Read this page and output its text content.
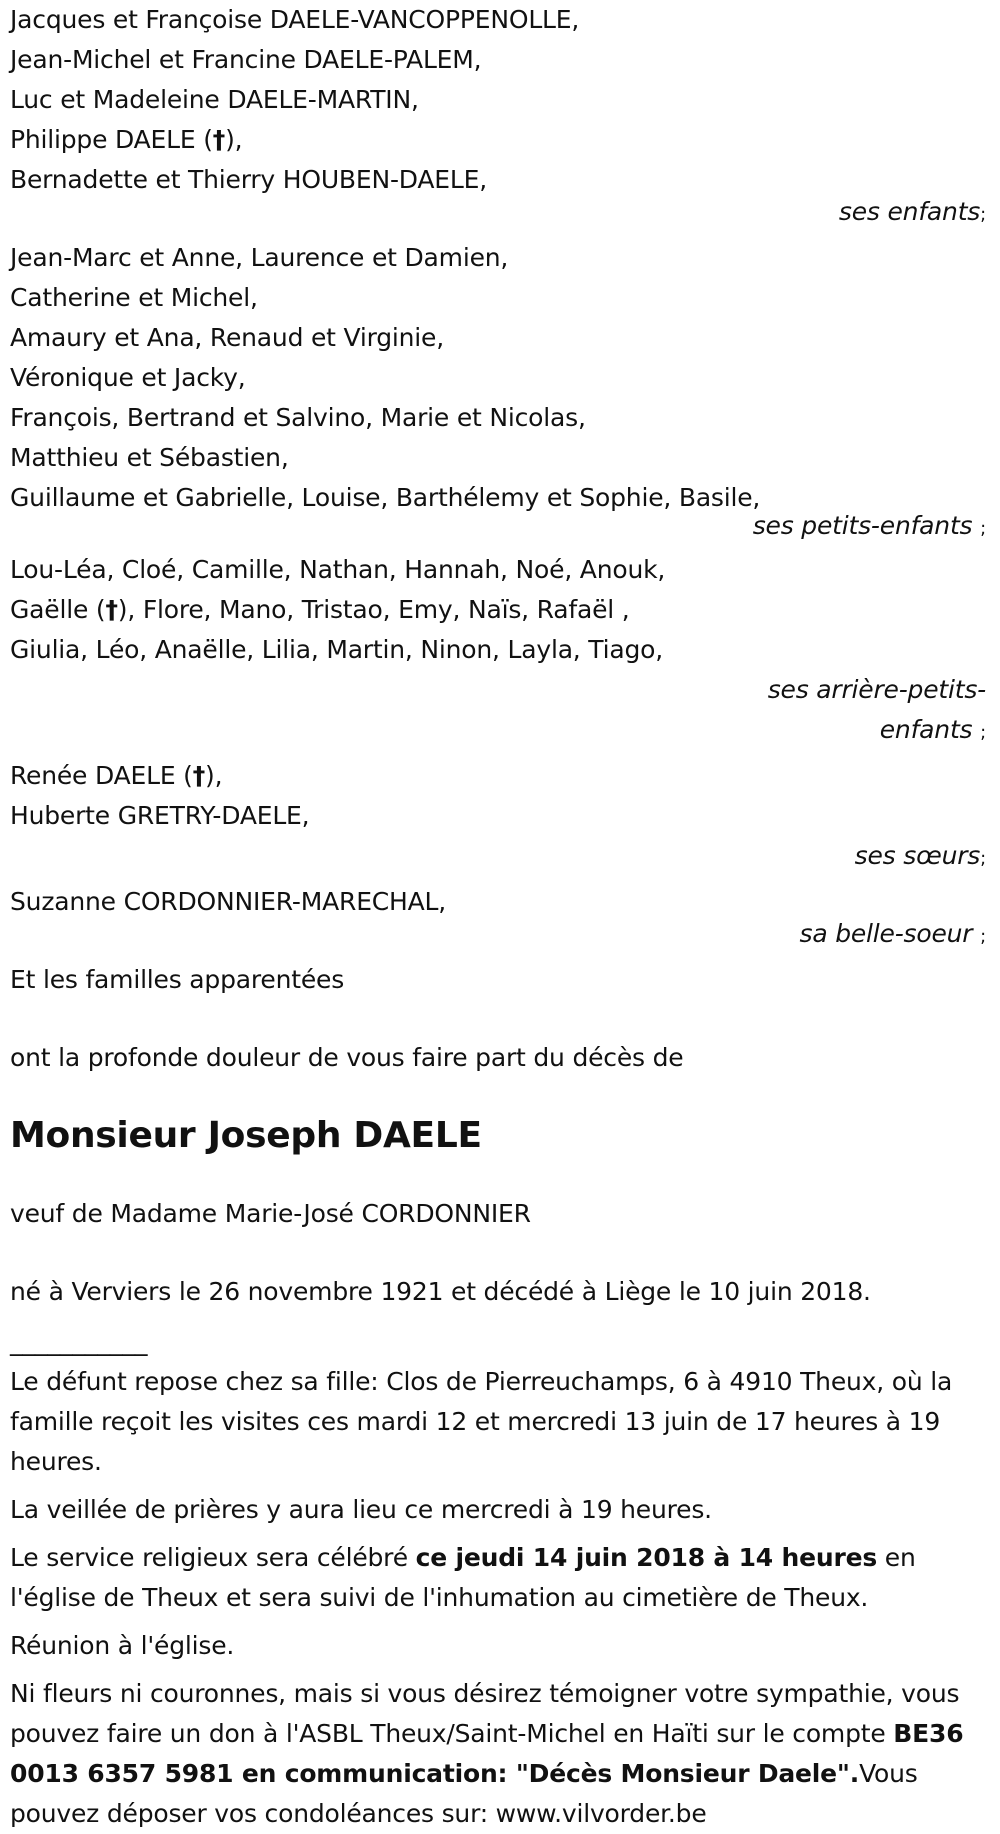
Jacques et Françoise DAELE-VANCOPPENOLLE,
Jean-Michel et Francine DAELE-PALEM,
Luc et Madeleine DAELE-MARTIN,
Philippe DAELE (†),
Bernadette et Thierry HOUBEN-DAELE,
ses enfants;
Jean-Marc et Anne, Laurence et Damien,
Catherine et Michel,
Amaury et Ana, Renaud et Virginie,
Véronique et Jacky,
François, Bertrand et Salvino, Marie et Nicolas,
Matthieu et Sébastien,
Guillaume et Gabrielle, Louise, Barthélemy et Sophie, Basile,
ses petits-enfants ;
Lou-Léa, Cloé, Camille, Nathan, Hannah, Noé, Anouk,
Gaëlle (†), Flore, Mano, Tristao, Emy, Naïs, Rafaël ,
Giulia, Léo, Anaëlle, Lilia, Martin, Ninon, Layla, Tiago,
ses arrière-petits-
enfants ;
Renée DAELE (†),
Huberte GRETRY-DAELE,
ses sœurs;
Suzanne CORDONNIER-MARECHAL,
sa belle-soeur ;
Et les familles apparentées
ont la profonde douleur de vous faire part du décès de
Monsieur Joseph DAELE
veuf de Madame Marie-José CORDONNIER
né à Verviers le 26 novembre 1921 et décédé à Liège le 10 juin 2018.
___________

Le défunt repose chez sa fille: Clos de Pierreuchamps, 6 à 4910 Theux, où la famille reçoit les visites ces mardi 12 et mercredi 13 juin de 17 heures à 19 heures.

La veillée de prières y aura lieu ce mercredi à 19 heures.

Le service religieux sera célébré ce jeudi 14 juin 2018 à 14 heures en l'église de Theux et sera suivi de l'inhumation au cimetière de Theux.

Réunion à l'église.

Ni fleurs ni couronnes, mais si vous désirez témoigner votre sympathie, vous pouvez faire un don à l'ASBL Theux/Saint-Michel en Haïti sur le compte BE36 0013 6357 5981 en communication: "Décès Monsieur Daele".Vous pouvez déposer vos condoléances sur: www.vilvorder.be
